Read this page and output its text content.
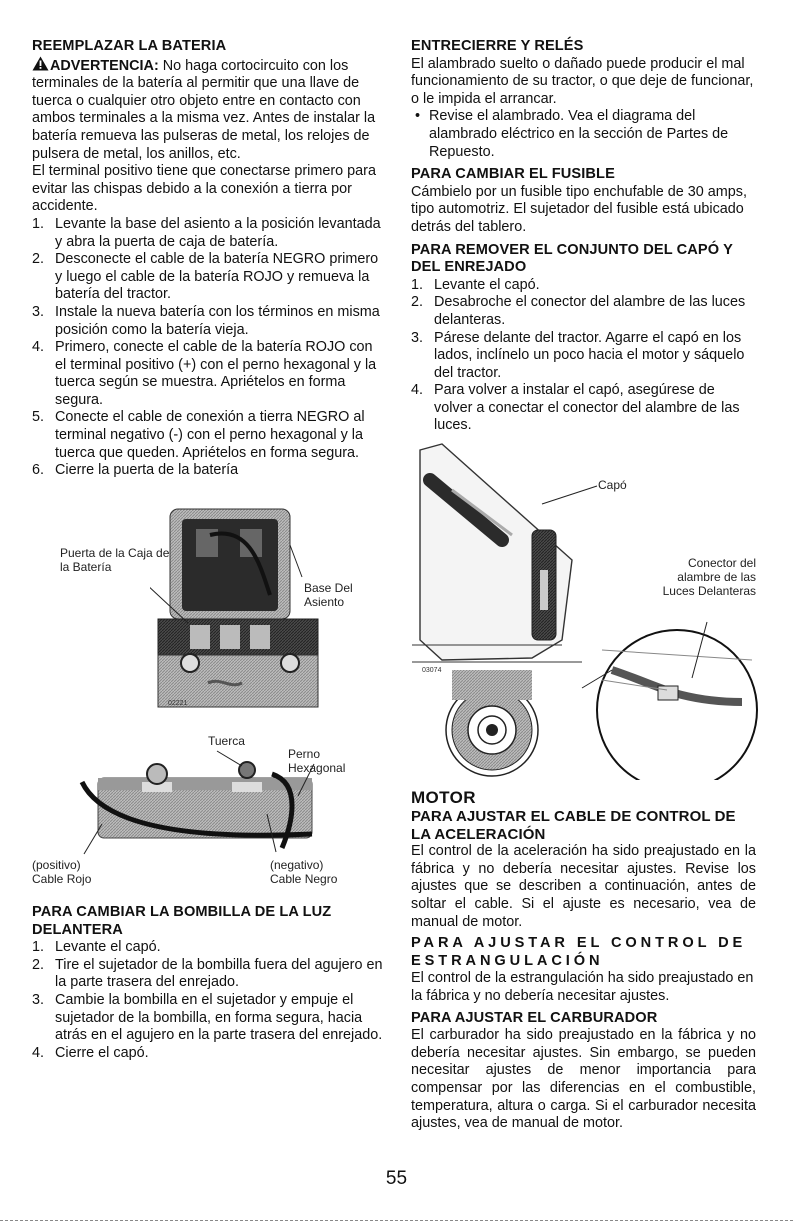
REEMPLAZAR LA BATERIA

ADVERTENCIA: No haga cortocircuito con los terminales de la batería al permitir que una llave de tuerca o cualquier otro objeto entre en contacto con ambos terminales a la misma vez. Antes de instalar la batería remueva las pulseras de metal, los relojes de pulsera de metal, los anillos, etc.

El terminal positivo tiene que conectarse primero para evitar las chispas debido a la conexión a tierra por accidente.

1. Levante la base del asiento a la posición levantada y abra la puerta de caja de batería.
2. Desconecte el cable de la batería NEGRO primero y luego el cable de la batería ROJO y remueva la batería del tractor.
3. Instale la nueva batería con los términos en misma posición como la batería vieja.
4. Primero, conecte el cable de la batería ROJO con el terminal positivo (+) con el perno hexagonal y la tuerca según se muestra. Apriételos en forma segura.
5. Conecte el cable de conexión a tierra NEGRO al terminal negativo (-) con el perno hexagonal y la tuerca que queden. Apriételos en forma segura.
6. Cierre la puerta de la batería
02221
Puerta de la Caja de la Batería
Base Del Asiento
Tuerca
Perno Hexagonal
(positivo) Cable Rojo
(negativo) Cable Negro
PARA CAMBIAR LA BOMBILLA DE LA LUZ DELANTERA
1. Levante el capó.
2. Tire el sujetador de la bombilla fuera del agujero en la parte trasera del enrejado.
3. Cambie la bombilla en el sujetador y empuje el sujetador de la bombilla, en forma segura, hacia atrás en el agujero en la parte trasera del enrejado.
4. Cierre el capó.
ENTRECIERRE Y RELÉS

El alambrado suelto o dañado puede producir el mal funcionamiento de su tractor, o que deje de funcionar, o le impida el arrancar.

• Revise el alambrado. Vea el diagrama del alambrado eléctrico en la sección de Partes de Repuesto.
PARA CAMBIAR EL FUSIBLE

Cámbielo por un fusible tipo enchufable de 30 amps, tipo automotriz. El sujetador del fusible está ubicado detrás del tablero.

PARA REMOVER EL CONJUNTO DEL CAPÓ Y DEL ENREJADO
1. Levante el capó.
2. Desabroche el conector del alambre de las luces delanteras.
3. Párese delante del tractor. Agarre el capó en los lados, inclínelo un poco hacia el motor y sáquelo del tractor.
4. Para volver a instalar el capó, asegúrese de volver a conectar el conector del alambre de las luces.
03074
Capó
Conector del alambre de las Luces Delanteras
MOTOR
PARA AJUSTAR EL CABLE DE CONTROL DE LA ACELERACIÓN

El control de la aceleración ha sido preajustado en la fábrica y no debería necesitar ajustes. Revise los ajustes que se describen a continuación, antes de soltar el cable. Si el ajuste es necesario, vea de manual de motor.

PARA AJUSTAR EL CONTROL DE ESTRANGULACIÓN

El control de la estrangulación ha sido preajustado en la fábrica y no debería necesitar ajustes.

PARA AJUSTAR EL CARBURADOR

El carburador ha sido preajustado en la fábrica y no debería necesitar ajustes. Sin embargo, se pueden necesitar ajustes de menor importancia para compensar por las diferencias en el combustible, temperatura, altura o carga. Si el carburador necesita ajustes, vea de manual de motor.

55
